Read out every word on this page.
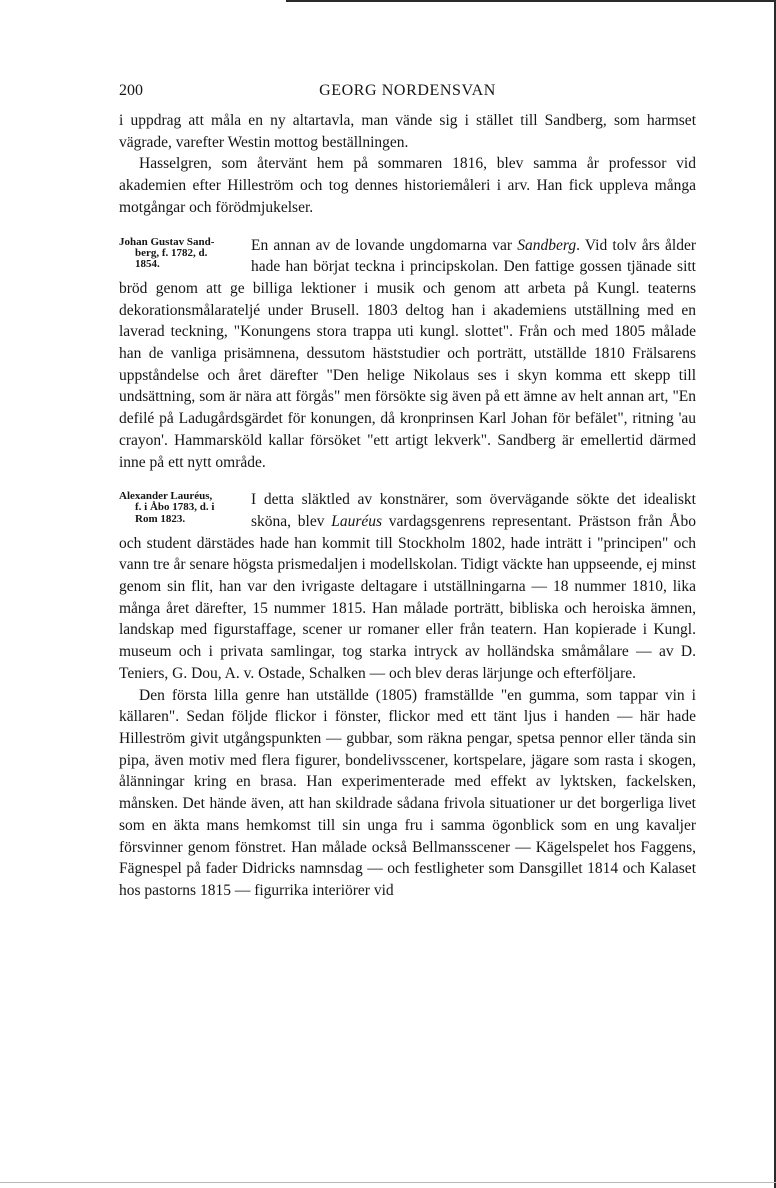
200	GEORG NORDENSVAN

i uppdrag att måla en ny altartavla, man vände sig i stället till Sandberg, som harmset vägrade, varefter Westin mottog beställningen.

Hasselgren, som återvänt hem på sommaren 1816, blev samma år professor vid akademien efter Hilleström och tog dennes historiemåleri i arv. Han fick uppleva många motgångar och förödmjukelser.

Johan Gustav Sand-
berg, f. 1782, d.
1854.

En annan av de lovande ungdomarna var Sandberg. Vid tolv års ålder hade han börjat teckna i principskolan. Den fattige gossen tjänade sitt bröd genom att ge billiga lektioner i musik och genom att arbeta på Kungl. teaterns dekorationsmålarateljé under Brusell. 1803 deltog han i akademiens utställning med en laverad teckning, "Konungens stora trappa uti kungl. slottet". Från och med 1805 målade han de vanliga prisämnena, dessutom häststudier och porträtt, utställde 1810 Frälsarens uppståndelse och året därefter "Den helige Nikolaus ses i skyn komma ett skepp till undsättning, som är nära att förgås" men försökte sig även på ett ämne av helt annan art, "En defilé på Ladugårdsgärdet för konungen, då kronprinsen Karl Johan för befälet", ritning 'au crayon'. Hammarsköld kallar försöket "ett artigt lekverk". Sandberg är emellertid därmed inne på ett nytt område.

Alexander Lauréus,
f. i Åbo 1783, d. i
Rom 1823.

I detta släktled av konstnärer, som övervägande sökte det idealiskt sköna, blev Lauréus vardagsgenrens representant. Prästson från Åbo och student därstädes hade han kommit till Stockholm 1802, hade inträtt i "principen" och vann tre år senare högsta prismedaljen i modellskolan. Tidigt väckte han uppseende, ej minst genom sin flit, han var den ivrigaste deltagare i utställningarna — 18 nummer 1810, lika många året därefter, 15 nummer 1815. Han målade porträtt, bibliska och heroiska ämnen, landskap med figurstaffage, scener ur romaner eller från teatern. Han kopierade i Kungl. museum och i privata samlingar, tog starka intryck av holländska småmålare — av D. Teniers, G. Dou, A. v. Ostade, Schalken — och blev deras lärjunge och efterföljare.

Den första lilla genre han utställde (1805) framställde "en gumma, som tappar vin i källaren". Sedan följde flickor i fönster, flickor med ett tänt ljus i handen — här hade Hilleström givit utgångspunkten — gubbar, som räkna pengar, spetsa pennor eller tända sin pipa, även motiv med flera figurer, bondelivsscener, kortspelare, jägare som rasta i skogen, ålänningar kring en brasa. Han experimenterade med effekt av lyktsken, fackelsken, månsken. Det hände även, att han skildrade sådana frivola situationer ur det borgerliga livet som en äkta mans hemkomst till sin unga fru i samma ögonblick som en ung kavaljer försvinner genom fönstret. Han målade också Bellmansscener — Kägelspelet hos Faggens, Fägnespel på fader Didricks namnsdag — och festligheter som Dansgillet 1814 och Kalaset hos pastorns 1815 — figurrika interiörer vid
